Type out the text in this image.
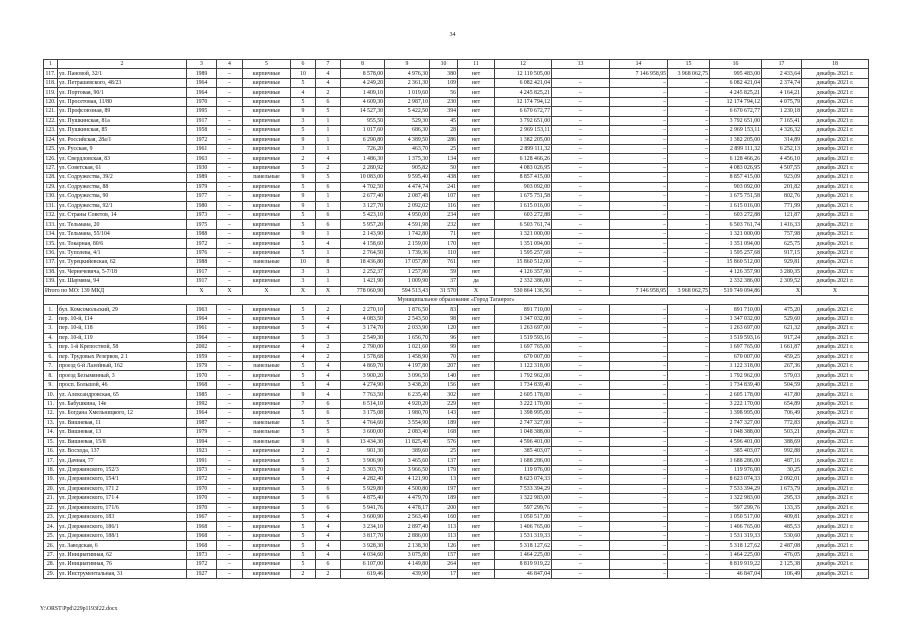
34
1	2	3	4	5	6	7	8	9	10	11	12	13	14	15	16	17	18
117.	ул. Пановой, 32/1	1989	–	кирпичные	10	4	8 578,00	4 976,30	380	нет	12 110 505,00		7 146 958,95	3 968 062,75	995 483,00	2 433,64	декабрь 2021 г.
118.	ул. Петрашевского, 48/23	1964	–	кирпичные	5	4	4 249,20	2 361,30	109	нет	6 082 421,04	–	–	–	6 082 421,04	2 374,74	декабрь 2021 г.
119.	ул. Портовая, 90/1	1964	–	кирпичные	4	2	1 409,10	1 019,60	56	нет	4 245 825,21	–	–	–	4 245 825,21	4 164,21	декабрь 2021 г.
120.	ул. Просетовая, 11/80	1970	–	кирпичные	5	6	4 609,30	2 987,10	230	нет	12 174 794,12	–	–	–	12 174 794,12	4 075,79	декабрь 2021 г.
121.	ул. Профсоюзная, 89	1995	–	кирпичные	9	5	14 527,30	5 422,50	394	нет	6 670 672,77	–	–	–	6 670 672,77	1 230,18	декабрь 2021 г.
122.	ул. Пушкинская, 81а	1917	–	кирпичные	3	1	955,50	529,30	45	нет	3 792 651,00	–	–	–	3 792 651,00	7 165,41	декабрь 2021 г.
123.	ул. Пушкинская, 85	1958	–	кирпичные	5	1	1 017,60	686,30	28	нет	2 969 153,11	–	–	–	2 969 153,11	4 326,32	декабрь 2021 г.
124.	ул. Российская, 28а/1	1972	–	кирпичные	9	1	6 290,80	4 389,50	286	нет	1 382 205,00	–	–	–	1 382 205,00	314,89	декабрь 2021 г.
125.	ул. Русская, 9	1961	–	кирпичные	3	1	726,20	463,70	25	нет	2 899 111,32	–	–	–	2 899 111,32	6 252,13	декабрь 2021 г.
126.	ул. Свердловская, 83	1963	–	кирпичные	2	4	1 486,30	1 375,30	134	нет	6 128 466,26	–	–	–	6 128 466,26	4 456,10	декабрь 2021 г.
127.	ул. Советская, 61	1930	–	кирпичные	5	2	2 280,92	905,82	50	нет	4 083 026,95	–	–	–	4 083 026,95	4 507,55	декабрь 2021 г.
128.	ул. Содружества, 39/2	1989	–	панельные	9	5	10 083,00	9 595,40	438	нет	8 857 415,00	–	–	–	8 857 415,00	923,09	декабрь 2021 г.
129.	ул. Содружества, 88	1979	–	кирпичные	5	6	4 702,50	4 474,74	241	нет	903 092,00	–	–	–	903 092,00	201,82	декабрь 2021 г.
130.	ул. Содружества, 90	1977	–	кирпичные	9	1	2 677,40	2 087,48	107	нет	1 675 751,58	–	–	–	1 675 751,58	802,76	декабрь 2021 г.
131.	ул. Содружества, 92/1	1980	–	кирпичные	9	1	3 127,70	2 092,02	116	нет	1 615 016,00	–	–	–	1 615 016,00	771,99	декабрь 2021 г.
132.	ул. Страны Советов, 14	1973	–	кирпичные	5	6	5 423,10	4 950,00	234	нет	603 272,88	–	–	–	603 272,88	121,87	декабрь 2021 г.
133.	ул. Тельмана, 20	1975	–	кирпичные	5	6	5 957,20	4 591,98	232	нет	6 503 761,74	–	–	–	6 503 761,74	1 416,33	декабрь 2021 г.
134.	ул. Тельмана, 55/104	1988	–	кирпичные	9	1	2 143,90	1 742,80	71	нет	1 321 000,00	–	–	–	1 321 000,00	757,98	декабрь 2021 г.
135.	ул. Токарная, 80/6	1972	–	кирпичные	5	4	4 158,60	2 159,00	170	нет	1 351 094,00	–	–	–	1 351 094,00	625,75	декабрь 2021 г.
136.	ул. Туполева, 4/1	1976	–	кирпичные	5	1	2 764,50	1 739,36	110	нет	1 595 257,68	–	–	–	1 595 257,68	917,15	декабрь 2021 г.
137.	ул. Турецкийевская, 62	1988	–	панельные	10	8	18 436,80	17 057,80	761	нет	15 860 512,00	–	–	–	15 860 512,00	929,81	декабрь 2021 г.
138.	ул. Чернечевича, 5-7/18	1917	–	кирпичные	3	3	2 252,37	1 257,90	59	нет	4 126 357,90	–	–	–	4 126 357,90	3 280,35	декабрь 2021 г.
139.	ул. Шаумяна, 94	1917	–	кирпичные	3	1	1 421,90	1 009,90	37	да	2 332 386,00	–			2 332 386,00	2 309,52	декабрь 2021 г.
Итого по МО: 139 МКД		X	X	X	X	X	778 060,90	594 513,43	31 570	X	530 864 136,56	–	7 146 958,95	3 968 062,75	519 749 094,86	X	X
Муниципальное образование «Город Таганрог»																	
1.	бул. Комсомольский, 29	1963	–	кирпичные	5	2	2 270,10	1 876,50	83	нет	891 710,00	–	–	–	891 710,00	475,20	декабрь 2021 г.
2.	пер. 10-й, 114	1964	–	кирпичные	5	4	4 083,50	2 543,50	98	нет	1 347 032,00	–	–	–	1 347 032,00	529,60	декабрь 2021 г.
3.	пер. 10-й, 118	1961	–	кирпичные	5	4	3 174,70	2 033,90	120	нет	1 263 697,00	–	–	–	1 263 697,00	621,32	декабрь 2021 г.
4.	пер. 10-й, 119	1964	–	кирпичные	5	3	2 549,30	1 656,70	96	нет	1 519 593,16	–	–	–	1 519 593,16	917,24	декабрь 2021 г.
5.	пер. 1-й Крепостной, 58	2002	–	кирпичные	4	2	2 790,00	1 021,60	99	нет	1 697 765,00	–	–	–	1 697 765,00	1 661,87	декабрь 2021 г.
6.	пер. Трудовых Резервов, 2 1	1959	–	кирпичные	4	2	1 578,68	1 458,90	70	нет	670 007,00	–	–	–	670 007,00	459,25	декабрь 2021 г.
7.	проезд 6-й Лазейный, 162	1979	–	панельные	5	4	4 869,70	4 197,80	207	нет	1 122 318,00	–	–	–	1 122 318,00	267,36	декабрь 2021 г.
8.	проезд Безымянный, 3	1970	–	кирпичные	5	4	3 900,20	3 096,50	140	нет	1 792 962,00	–	–	–	1 792 962,00	579,03	декабрь 2021 г.
9.	просп. Большой, 46	1968	–	кирпичные	5	4	4 274,90	3 438,20	156	нет	1 734 839,40	–	–	–	1 734 839,40	504,59	декабрь 2021 г.
10.	ул. Александровская, 65	1985	–	кирпичные	9	4	7 763,50	6 235,40	302	нет	2 605 178,00	–	–	–	2 605 178,00	417,80	декабрь 2021 г.
11.	ул. Бабушкина, 14е	1992	–	кирпичные	7	6	6 514,10	4 920,20	229	нет	3 222 170,00	–	–	–	3 222 170,00	654,89	декабрь 2021 г.
12.	ул. Богдана Хмельницкого, 12	1964	–	кирпичные	5	6	3 175,08	1 980,70	143	нет	1 398 995,00	–	–	–	1 398 995,00	706,49	декабрь 2021 г.
13.	ул. Вишневая, 11	1987	–	панельные	5	5	4 764,60	3 554,90	189	нет	2 747 327,00	–	–	–	2 747 327,00	772,83	декабрь 2021 г.
14.	ул. Вишневая, 13	1979	–	панельные	5	5	3 600,00	2 083,40	168	нет	1 048 388,00	–	–	–	1 048 388,00	503,21	декабрь 2021 г.
15.	ул. Вишневая, 15/8	1994	–	панельные	9	6	13 434,30	11 825,40	576	нет	4 596 401,00	–	–	–	4 596 401,00	388,69	декабрь 2021 г.
16.	ул. Восхода, 137	1923	–	кирпичные	2	2	901,30	389,60	25	нет	385 403,07	–	–	–	385 403,07	992,88	декабрь 2021 г.
17.	ул. Дачная, 77	1991	–	кирпичные	5	5	3 906,90	3 465,60	137	нет	1 688 286,00	–	–	–	1 688 286,00	487,16	декабрь 2021 г.
18.	ул. Дзержинского, 152/3	1973	–	кирпичные	9	2	5 303,70	3 966,50	179	нет	119 976,00	–	–	–	119 976,00	30,25	декабрь 2021 г.
19.	ул. Дзержинского, 154/1	1972	–	кирпичные	5	4	4 282,40	4 121,90	13	нет	8 623 074,33	–	–	–	8 623 074,33	2 092,01	декабрь 2021 г.
20.	ул. Дзержинского, 171 2	1970	–	кирпичные	5	6	5 929,80	4 500,80	197	нет	7 533 394,29	–	–	–	7 533 394,29	1 673,79	декабрь 2021 г.
21.	ул. Дзержинского, 171 4	1970	–	кирпичные	5	6	4 875,40	4 479,70	189	нет	1 322 983,00	–	–	–	1 322 983,00	295,33	декабрь 2021 г.
22.	ул. Дзержинского, 171/6	1970	–	кирпичные	5	6	5 941,76	4 478,17	200	нет	597 299,76	–	–	–	597 299,76	133,35	декабрь 2021 г.
23.	ул. Дзержинского, 183	1967	–	кирпичные	5	4	3 600,90	2 563,40	160	нет	1 050 517,00	–	–	–	1 050 517,00	409,81	декабрь 2021 г.
24.	ул. Дзержинского, 186/1	1968	–	кирпичные	5	4	3 234,10	2 897,40	113	нет	1 406 765,00	–	–	–	1 406 765,00	485,53	декабрь 2021 г.
25.	ул. Дзержинского, 188/1	1968	–	кирпичные	5	4	3 817,70	2 886,00	113	нет	1 531 319,33	–	–	–	1 531 319,33	530,60	декабрь 2021 г.
26.	ул. Заводская, 6	1968	–	кирпичные	5	4	3 928,30	2 138,30	126	нет	5 318 127,62	–	–	–	5 318 127,62	2 487,08	декабрь 2021 г.
27.	ул. Инициативная, 62	1973	–	кирпичные	5	4	4 034,60	3 075,80	157	нет	1 464 225,00	–	–	–	1 464 225,00	476,05	декабрь 2021 г.
28.	ул. Инициативная, 76	1972	–	кирпичные	5	6	6 107,00	4 149,80	264	нет	8 819 919,22	–	–	–	8 819 919,22	2 125,38	декабрь 2021 г.
29.	ул. Инструментальная, 31	1927	–	кирпичные	2	2	619,46	439,90	17	нет	46 847,04	–	–	–	46 847,04	106,49	декабрь 2021 г.
Y:\ORST\Ppd\229p1193f22.docx
